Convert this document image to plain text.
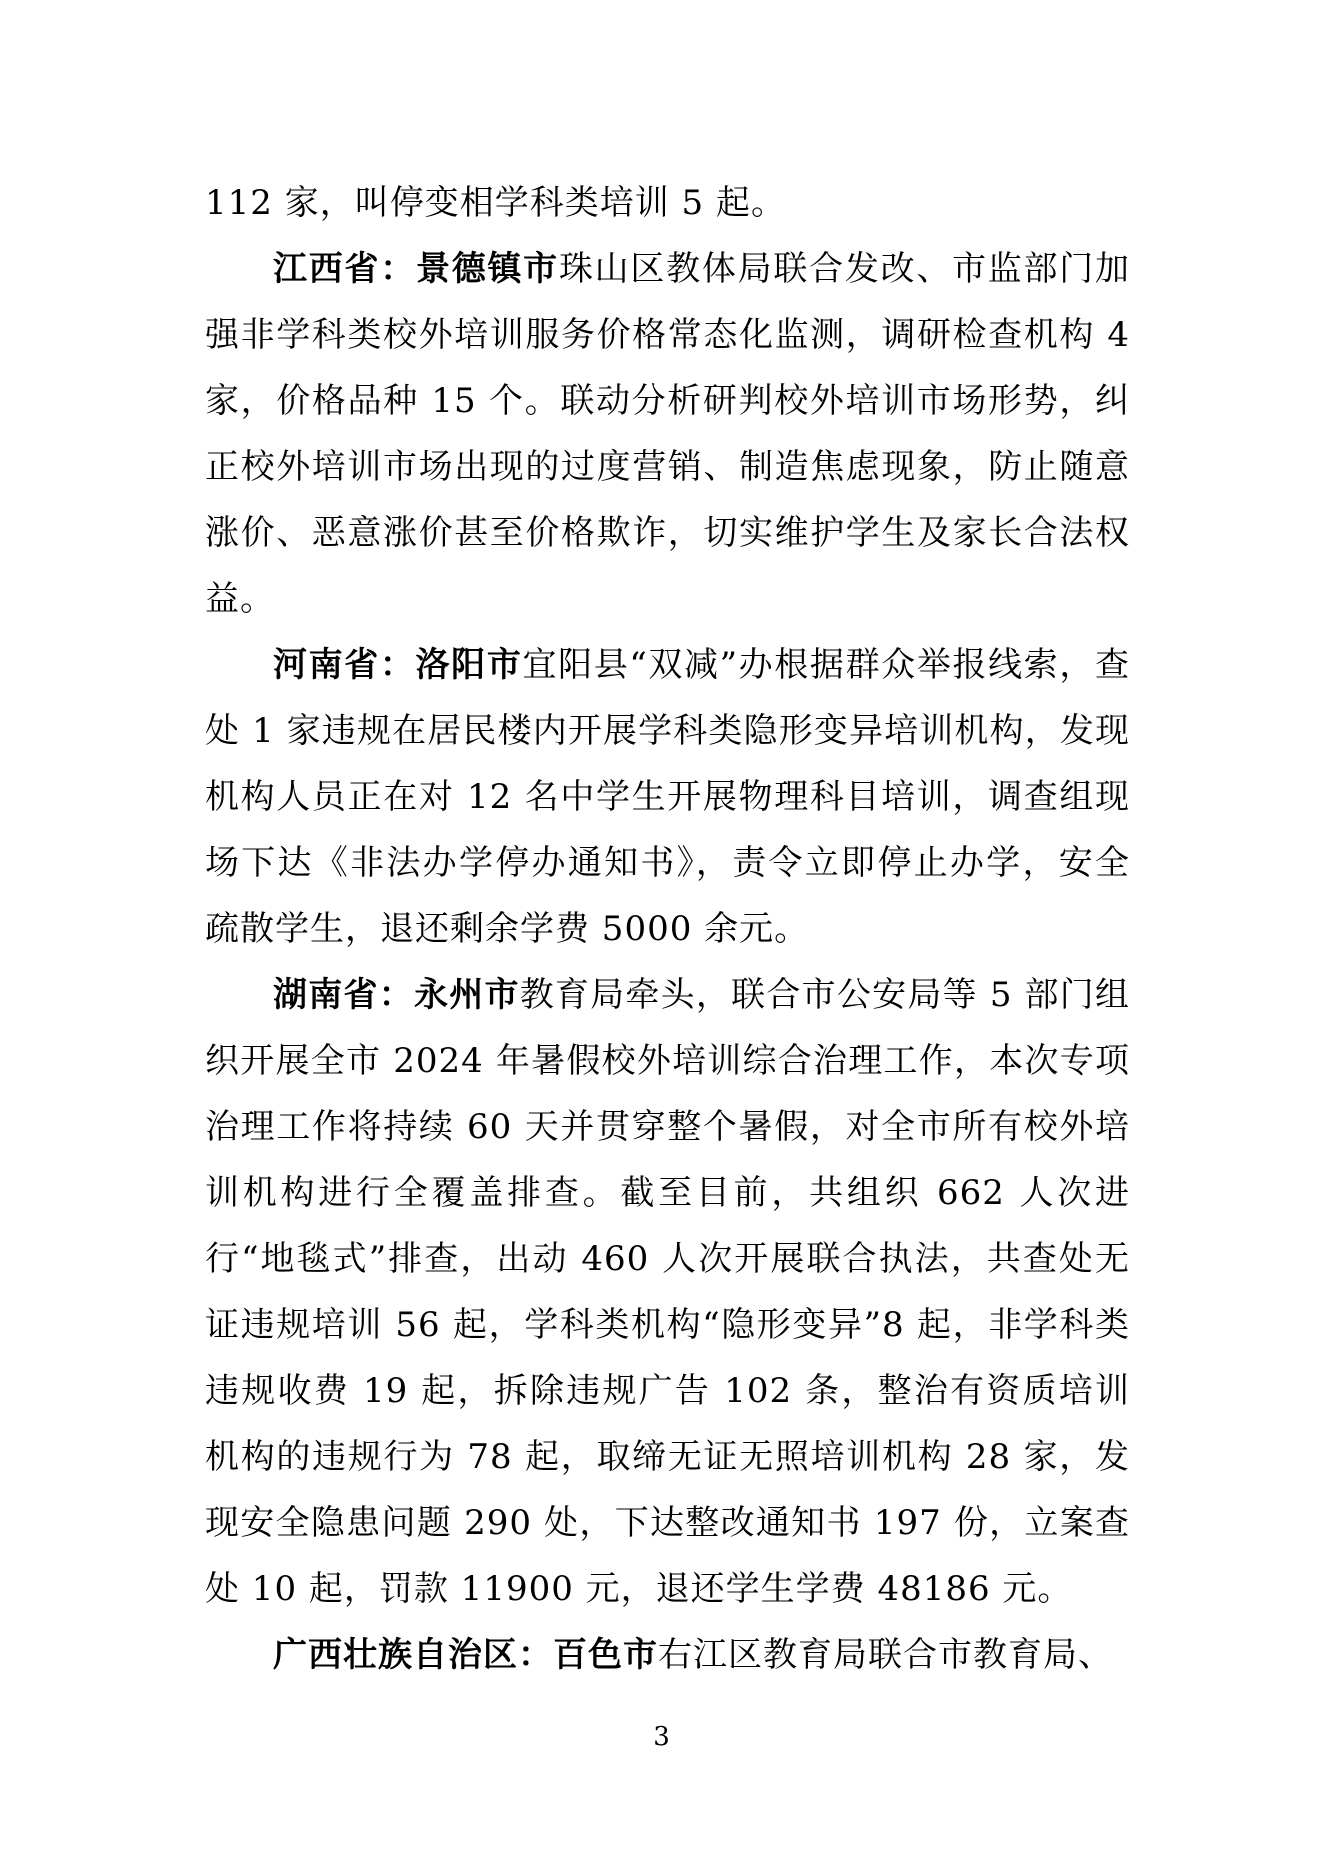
112 家，叫停变相学科类培训 5 起。

江西省：景德镇市珠山区教体局联合发改、市监部门加强非学科类校外培训服务价格常态化监测，调研检查机构 4 家，价格品种 15 个。联动分析研判校外培训市场形势，纠正校外培训市场出现的过度营销、制造焦虑现象，防止随意涨价、恶意涨价甚至价格欺诈，切实维护学生及家长合法权益。

河南省：洛阳市宜阳县“双减”办根据群众举报线索，查处 1 家违规在居民楼内开展学科类隐形变异培训机构，发现机构人员正在对 12 名中学生开展物理科目培训，调查组现场下达《非法办学停办通知书》，责令立即停止办学，安全疏散学生，退还剩余学费 5000 余元。

湖南省：永州市教育局牵头，联合市公安局等 5 部门组织开展全市 2024 年暑假校外培训综合治理工作，本次专项治理工作将持续 60 天并贯穿整个暑假，对全市所有校外培训机构进行全覆盖排查。截至目前，共组织 662 人次进行“地毯式”排查，出动 460 人次开展联合执法，共查处无证违规培训 56 起，学科类机构“隐形变异”8 起，非学科类违规收费 19 起，拆除违规广告 102 条，整治有资质培训机构的违规行为 78 起，取缔无证无照培训机构 28 家，发现安全隐患问题 290 处，下达整改通知书 197 份，立案查处 10 起，罚款 11900 元，退还学生学费 48186 元。

广西壮族自治区：百色市右江区教育局联合市教育局、

3
